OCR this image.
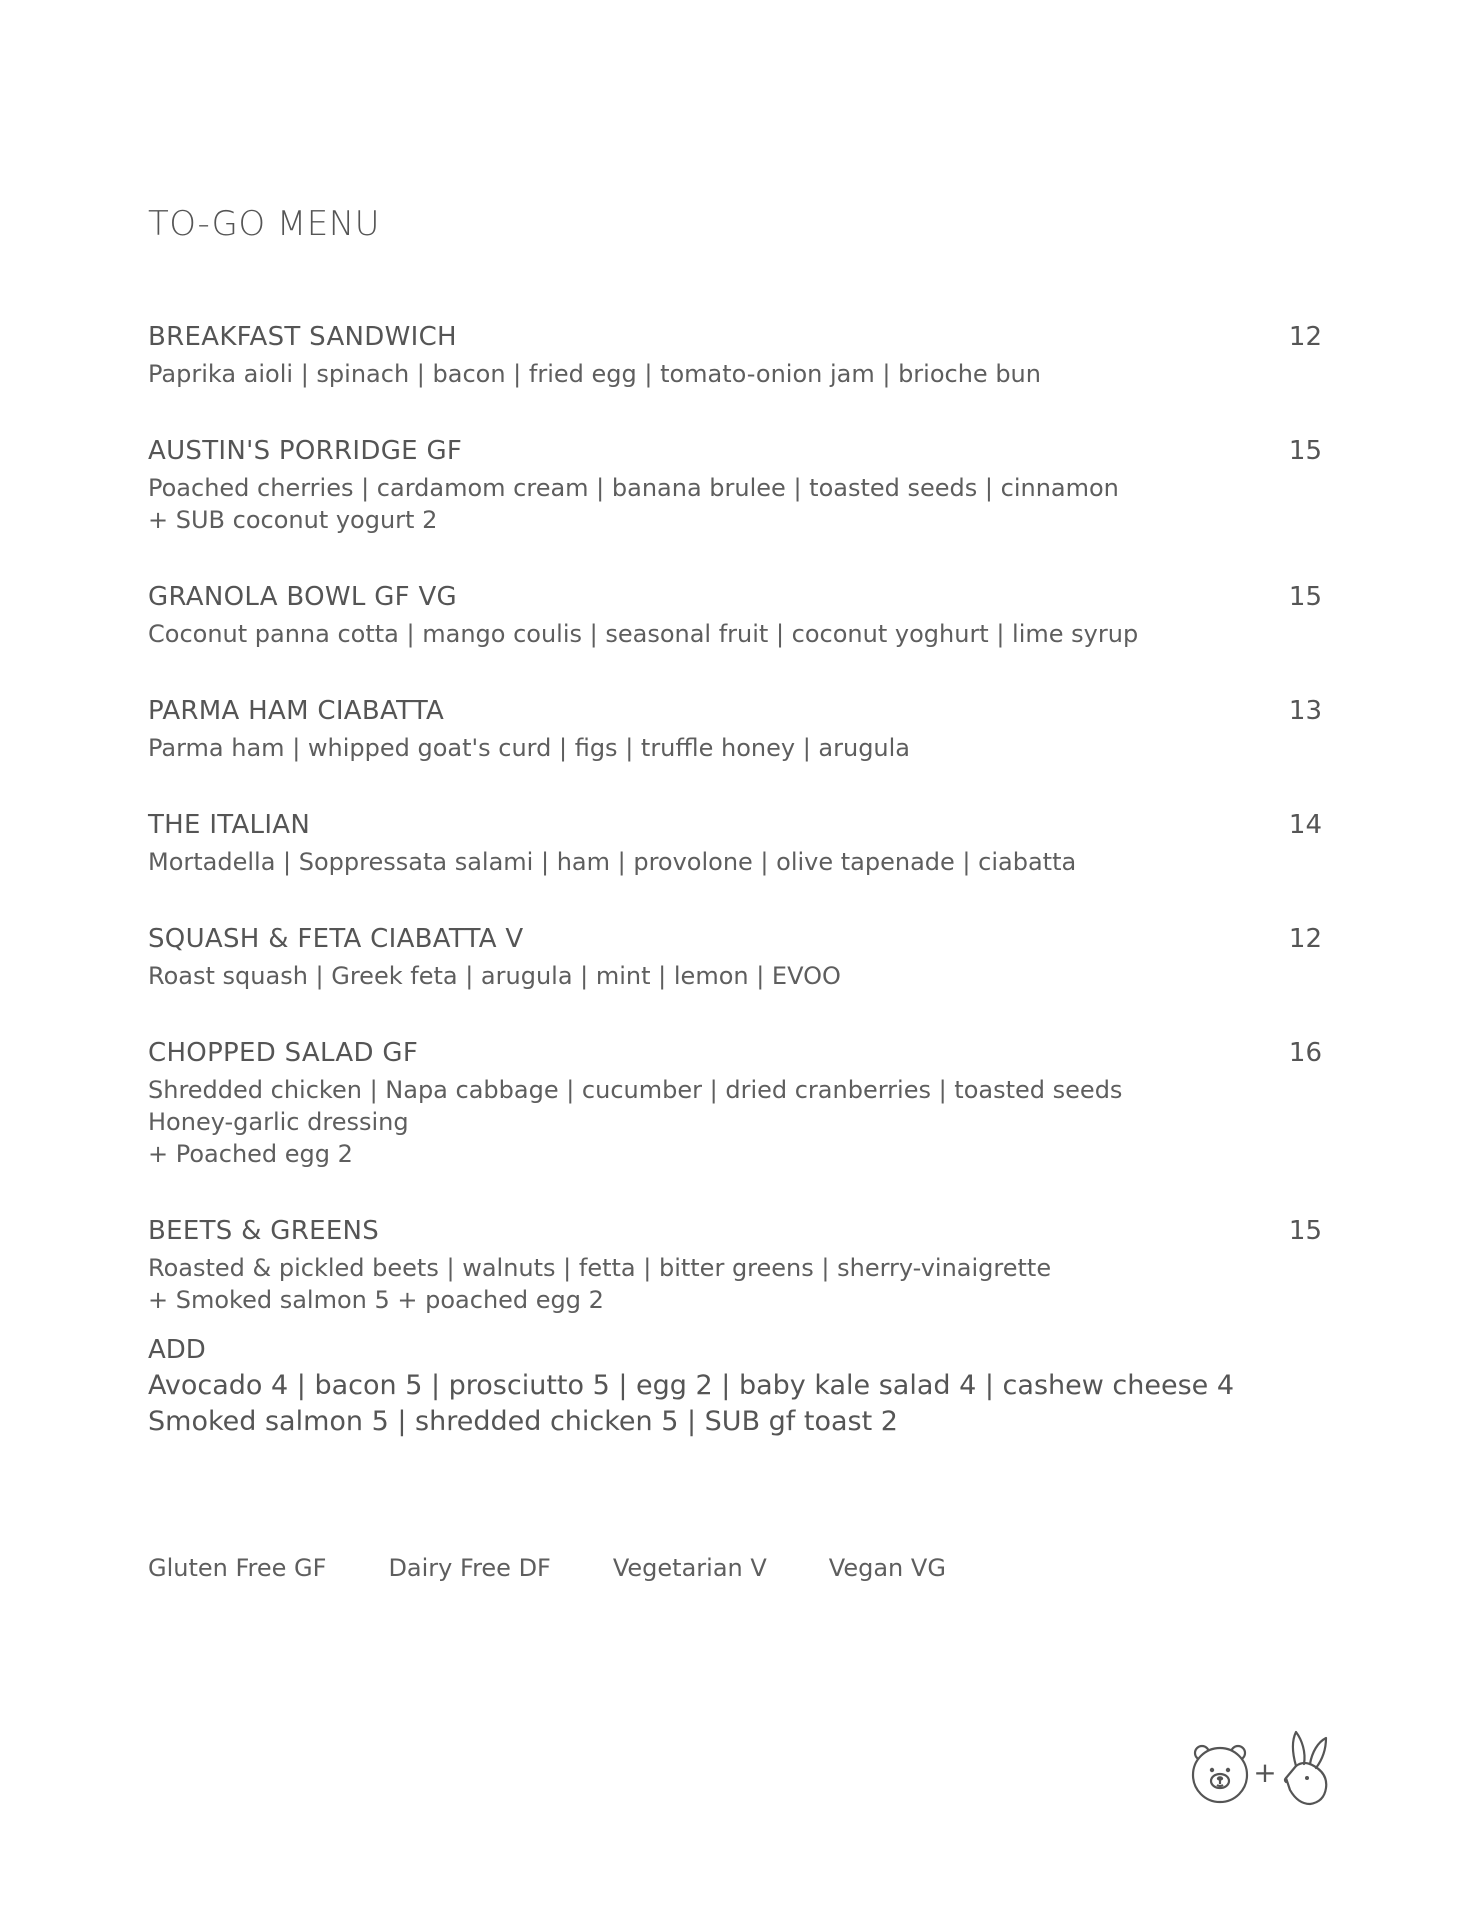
TO-GO MENU
BREAKFAST SANDWICH	12
Paprika aioli | spinach | bacon | fried egg | tomato-onion jam | brioche bun
AUSTIN'S PORRIDGE GF	15
Poached cherries | cardamom cream | banana brulee | toasted seeds | cinnamon
+ SUB coconut yogurt 2
GRANOLA BOWL GF VG	15
Coconut panna cotta | mango coulis | seasonal fruit | coconut yoghurt | lime syrup
PARMA HAM CIABATTA	13
Parma ham | whipped goat's curd | figs | truffle honey | arugula
THE ITALIAN	14
Mortadella | Soppressata salami | ham | provolone | olive tapenade | ciabatta
SQUASH & FETA CIABATTA V	12
Roast squash | Greek feta | arugula | mint | lemon | EVOO
CHOPPED SALAD GF	16
Shredded chicken | Napa cabbage | cucumber | dried cranberries | toasted seeds
Honey-garlic dressing
+ Poached egg 2
BEETS & GREENS	15
Roasted & pickled beets | walnuts | fetta | bitter greens | sherry-vinaigrette
+ Smoked salmon 5 + poached egg 2
ADD
Avocado 4 | bacon 5 | prosciutto 5 | egg 2 | baby kale salad 4 | cashew cheese 4
Smoked salmon 5 | shredded chicken 5 | SUB gf toast 2
Gluten Free GF	Dairy Free DF	Vegetarian V	Vegan VG
+
